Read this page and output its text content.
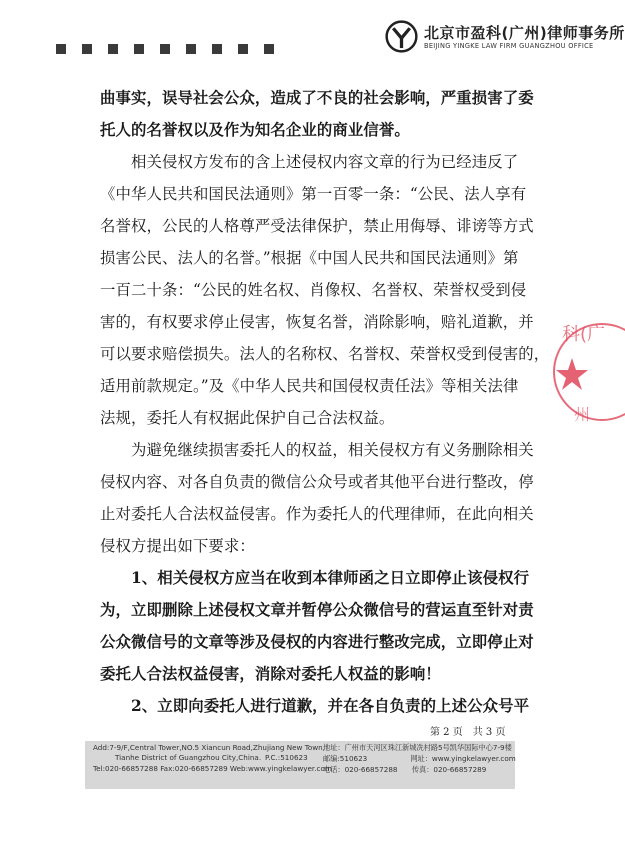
北京市盈科(广州)律师事务所
BEIJING YINGKE LAW FIRM GUANGZHOU OFFICE
曲事实，误导社会公众，造成了不良的社会影响，严重损害了委
托人的名誉权以及作为知名企业的商业信誉。
　　相关侵权方发布的含上述侵权内容文章的行为已经违反了
《中华人民共和国民法通则》第一百零一条：“公民、法人享有
名誉权，公民的人格尊严受法律保护，禁止用侮辱、诽谤等方式
损害公民、法人的名誉。”根据《中国人民共和国民法通则》第
一百二十条：“公民的姓名权、肖像权、名誉权、荣誉权受到侵
害的，有权要求停止侵害，恢复名誉，消除影响，赔礼道歉，并
可以要求赔偿损失。法人的名称权、名誉权、荣誉权受到侵害的，
适用前款规定。”及《中华人民共和国侵权责任法》等相关法律
法规，委托人有权据此保护自己合法权益。
　　为避免继续损害委托人的权益，相关侵权方有义务删除相关
侵权内容、对各自负责的微信公众号或者其他平台进行整改，停
止对委托人合法权益侵害。作为委托人的代理律师，在此向相关
侵权方提出如下要求：
　　1、相关侵权方应当在收到本律师函之日立即停止该侵权行
为，立即删除上述侵权文章并暂停公众微信号的营运直至针对责
公众微信号的文章等涉及侵权的内容进行整改完成，立即停止对
委托人合法权益侵害，消除对委托人权益的影响！
　　2、立即向委托人进行道歉，并在各自负责的上述公众号平
科(广
州
第 2 页　共 3 页
Add:7-9/F,Central Tower,NO.5 Xiancun Road,Zhujiang New Town,
Tianhe District of Guangzhou City,China. P.C.:510623
Tel:020-66857288 Fax:020-66857289 Web:www.yingkelawyer.com
地址：广州市天河区珠江新城冼村路5号凯华国际中心7-9楼
邮编:510623　　　　　　网址：www.yingkelawyer.com
电话：020-66857288　　传真：020-66857289
